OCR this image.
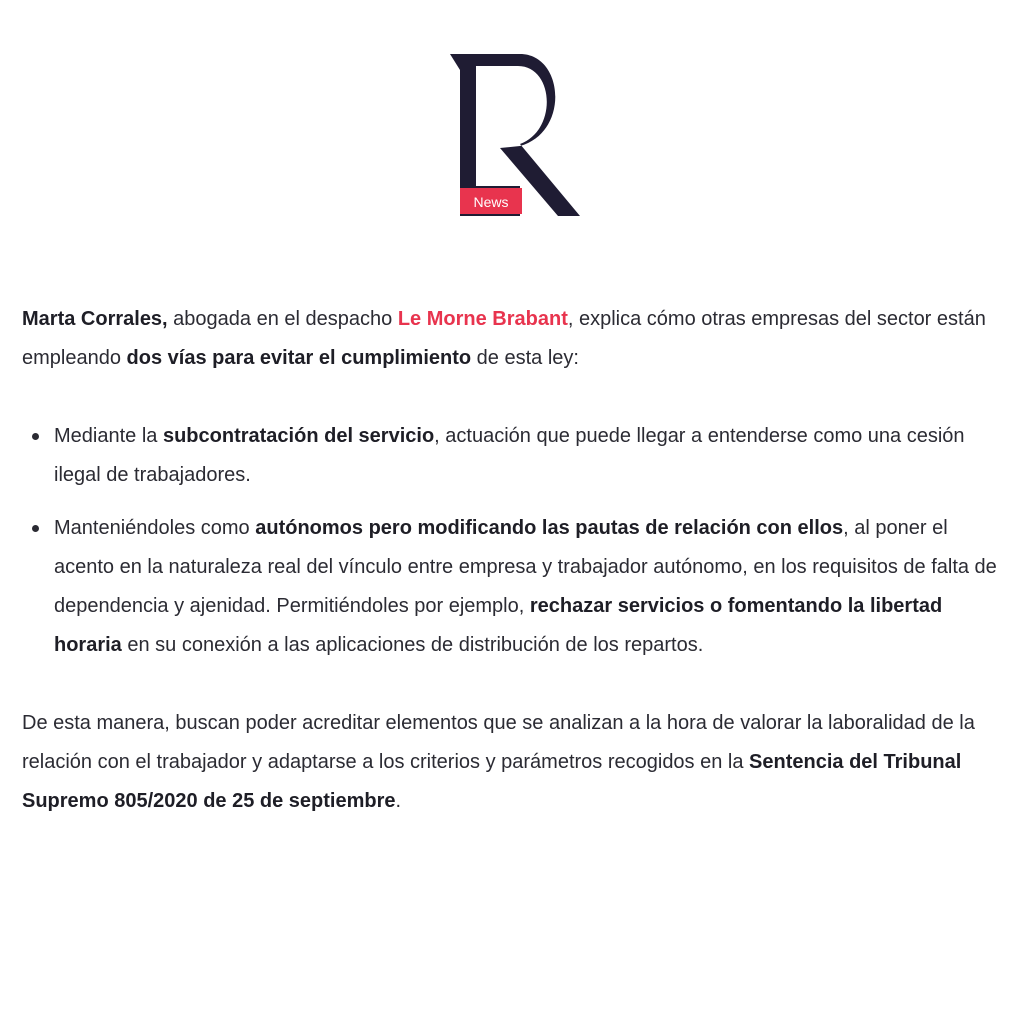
News

Marta Corrales, abogada en el despacho Le Morne Brabant, explica cómo otras empresas del sector están empleando dos vías para evitar el cumplimiento de esta ley:

Mediante la subcontratación del servicio, actuación que puede llegar a entenderse como una cesión ilegal de trabajadores.
Manteniéndoles como autónomos pero modificando las pautas de relación con ellos, al poner el acento en la naturaleza real del vínculo entre empresa y trabajador autónomo, en los requisitos de falta de dependencia y ajenidad. Permitiéndoles por ejemplo, rechazar servicios o fomentando la libertad horaria en su conexión a las aplicaciones de distribución de los repartos.

De esta manera, buscan poder acreditar elementos que se analizan a la hora de valorar la laboralidad de la relación con el trabajador y adaptarse a los criterios y parámetros recogidos en la Sentencia del Tribunal Supremo 805/2020 de 25 de septiembre.
